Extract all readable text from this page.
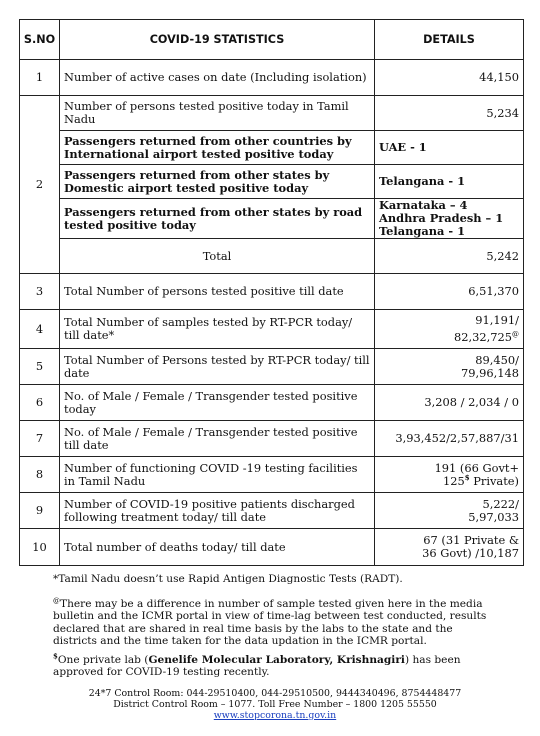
S.NO	COVID-19 STATISTICS	DETAILS
1	Number of active cases on date (Including isolation)	44,150
2	Number of persons tested positive today in Tamil Nadu	5,234
	Passengers returned from other countries by International airport tested positive today	UAE - 1
	Passengers returned from other states by Domestic airport tested positive today	Telangana - 1
	Passengers returned from other states by road tested positive today	Karnataka – 4
Andhra Pradesh – 1
Telangana - 1

	Total	5,242
3	Total Number of persons tested positive till date	6,51,370
4	Total Number of samples tested by RT-PCR today/ till date*	91,191/
82,32,725@

5	Total Number of Persons tested by RT-PCR today/ till date	89,450/
79,96,148

6	No. of Male / Female / Transgender tested positive today	3,208 / 2,034 / 0
7	No. of Male / Female / Transgender tested positive till date	3,93,452/2,57,887/31
8	Number of functioning COVID -19 testing facilities in Tamil Nadu	191 (66 Govt+
125$ Private)

9	Number of COVID-19 positive patients discharged following treatment today/ till date	5,222/
5,97,033

10	Total number of deaths today/ till date	67 (31 Private &
36 Govt) /10,187
*Tamil Nadu doesn’t use Rapid Antigen Diagnostic Tests (RADT).
@There may be a difference in number of sample tested given here in the media bulletin and the ICMR portal in view of time-lag between test conducted, results declared that are shared in real time basis by the labs to the state and the districts and the time taken for the data updation in the ICMR portal.
$One private lab (Genelife Molecular Laboratory, Krishnagiri) has been approved for COVID-19 testing recently.
24*7 Control Room: 044-29510400, 044-29510500, 9444340496, 8754448477
District Control Room – 1077. Toll Free Number – 1800 1205 55550
www.stopcorona.tn.gov.in
